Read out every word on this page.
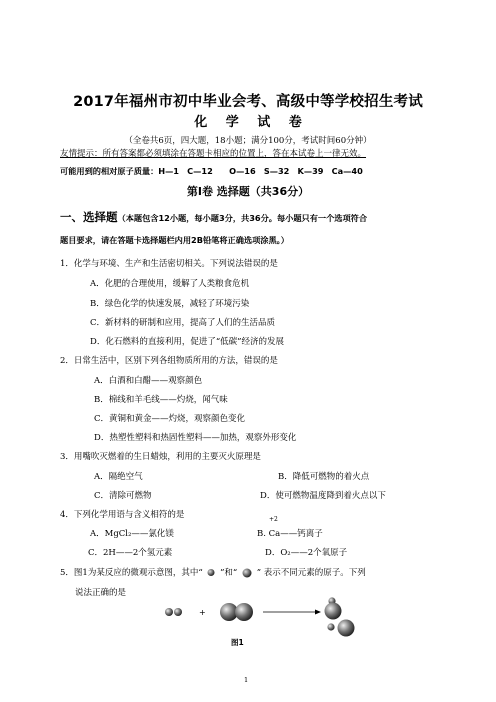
2017年福州市初中毕业会考、高级中等学校招生考试
化 学 试 卷
（全卷共6页，四大题，18小题；满分100分，考试时间60分钟）
友情提示：所有答案都必须填涂在答题卡相应的位置上，答在本试卷上一律无效。
可能用到的相对原子质量：H—1　C—12　　O—16　S—32　K—39　Ca—40
第Ⅰ卷 选择题（共36分）
一、选择题（本题包含12小题，每小题3分，共36分。每小题只有一个选项符合
题目要求，请在答题卡选择题栏内用2B铅笔将正确选项涂黑。）
1．化学与环境、生产和生活密切相关。下列说法错误的是
A．化肥的合理使用，缓解了人类粮食危机
B．绿色化学的快速发展，减轻了环境污染
C．新材料的研制和应用，提高了人们的生活品质
D．化石燃料的直接利用，促进了“低碳”经济的发展
2．日常生活中，区别下列各组物质所用的方法，错误的是
A．白酒和白醋——观察颜色
B．棉线和羊毛线——灼烧，闻气味
C．黄铜和黄金——灼烧，观察颜色变化
D．热塑性塑料和热固性塑料——加热，观察外形变化
3．用嘴吹灭燃着的生日蜡烛，利用的主要灭火原理是
A．隔绝空气	B．降低可燃物的着火点
C．清除可燃物	D．使可燃物温度降到着火点以下
4．下列化学用语与含义相符的是
A．MgCl₂——氯化镁
+2
B. Ca——钙离子
C．2H——2个氢元素	D．O₂——2个氧原子
5．图1为某反应的微观示意图，其中“ ”和“ ” 表示不同元素的原子。下列
说法正确的是
+
图1
1
